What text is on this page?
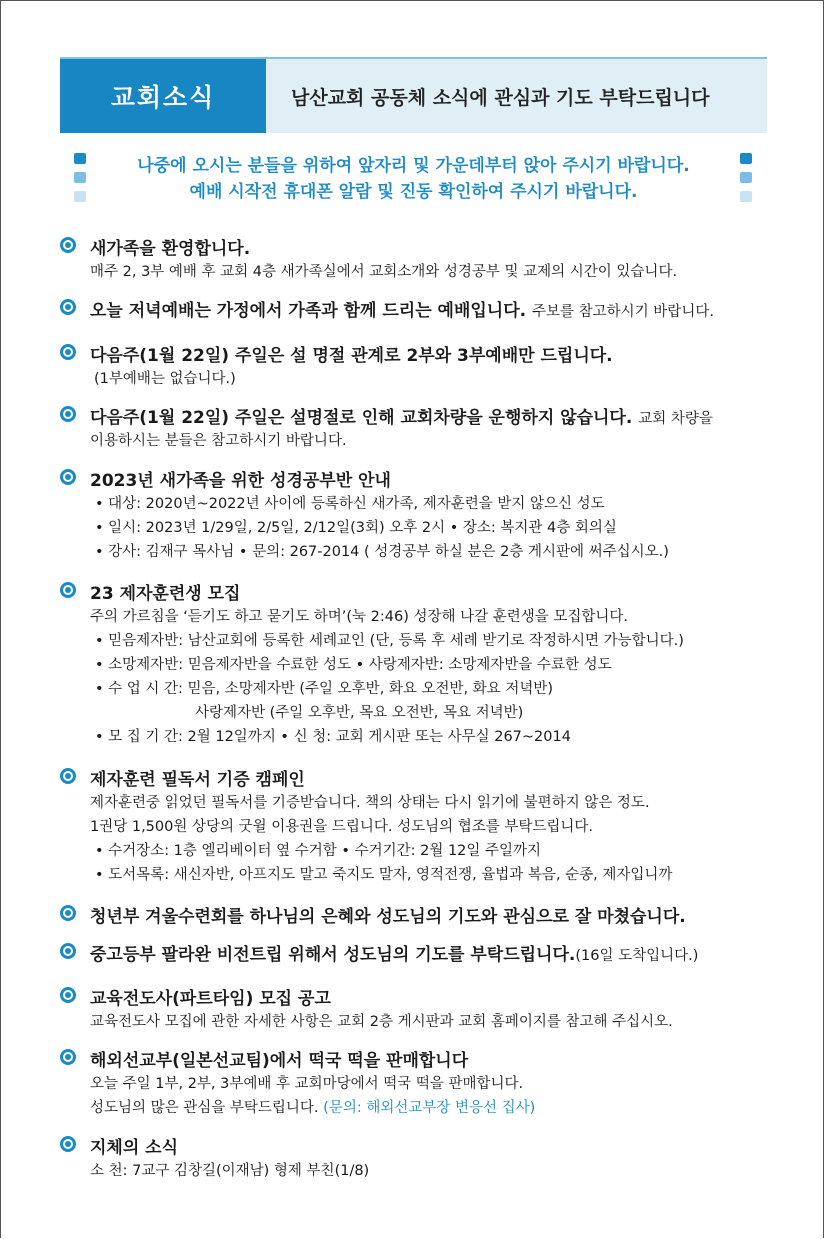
교회소식	남산교회 공동체 소식에 관심과 기도 부탁드립니다
나중에 오시는 분들을 위하여 앞자리 및 가운데부터 앉아 주시기 바랍니다.
예배 시작전 휴대폰 알람 및 진동 확인하여 주시기 바랍니다.
새가족을 환영합니다.
매주 2, 3부 예배 후 교회 4층 새가족실에서 교회소개와 성경공부 및 교제의 시간이 있습니다.
오늘 저녁예배는 가정에서 가족과 함께 드리는 예배입니다. 주보를 참고하시기 바랍니다.
다음주(1월 22일) 주일은 설 명절 관계로 2부와 3부예배만 드립니다.
(1부예배는 없습니다.)
다음주(1월 22일) 주일은 설명절로 인해 교회차량을 운행하지 않습니다. 교회 차량을
이용하시는 분들은 참고하시기 바랍니다.
2023년 새가족을 위한 성경공부반 안내
• 대상: 2020년~2022년 사이에 등록하신 새가족, 제자훈련을 받지 않으신 성도
• 일시: 2023년 1/29일, 2/5일, 2/12일(3회) 오후 2시 • 장소: 복지관 4층 회의실
• 강사: 김재구 목사님 • 문의: 267-2014 ( 성경공부 하실 분은 2층 게시판에 써주십시오.)
23 제자훈련생 모집
주의 가르침을 ‘듣기도 하고 묻기도 하며’(눅 2:46) 성장해 나갈 훈련생을 모집합니다.
• 믿음제자반: 남산교회에 등록한 세례교인 (단, 등록 후 세례 받기로 작정하시면 가능합니다.)
• 소망제자반: 믿음제자반을 수료한 성도 • 사랑제자반: 소망제자반을 수료한 성도
• 수 업 시 간: 믿음, 소망제자반 (주일 오후반, 화요 오전반, 화요 저녁반)
사랑제자반 (주일 오후반, 목요 오전반, 목요 저녁반)
• 모 집 기 간: 2월 12일까지 • 신 청: 교회 게시판 또는 사무실 267~2014
제자훈련 필독서 기증 캠페인
제자훈련중 읽었던 필독서를 기증받습니다. 책의 상태는 다시 읽기에 불편하지 않은 정도.
1권당 1,500원 상당의 굿윌 이용권을 드립니다. 성도님의 협조를 부탁드립니다.
• 수거장소: 1층 엘리베이터 옆 수거함 • 수거기간: 2월 12일 주일까지
• 도서목록: 새신자반, 아프지도 말고 죽지도 말자, 영적전쟁, 율법과 복음, 순종, 제자입니까
청년부 겨울수련회를 하나님의 은혜와 성도님의 기도와 관심으로 잘 마쳤습니다.
중고등부 팔라완 비전트립 위해서 성도님의 기도를 부탁드립니다.(16일 도착입니다.)
교육전도사(파트타임) 모집 공고
교육전도사 모집에 관한 자세한 사항은 교회 2층 게시판과 교회 홈페이지를 참고해 주십시오.
해외선교부(일본선교팀)에서 떡국 떡을 판매합니다
오늘 주일 1부, 2부, 3부예배 후 교회마당에서 떡국 떡을 판매합니다.
성도님의 많은 관심을 부탁드립니다. (문의: 해외선교부장 변응선 집사)
지체의 소식
소 천: 7교구 김창길(이재남) 형제 부친(1/8)
